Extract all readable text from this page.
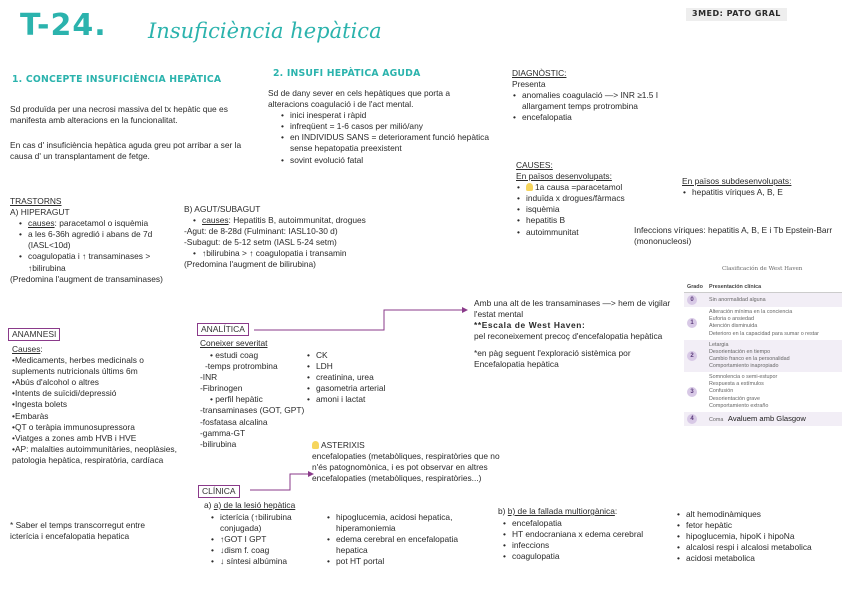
T-24. Insuficiència hepàtica
3MED: PATO GRAL
1. CONCEPTE INSUFICIÈNCIA HEPÀTICA
Sd produïda per una necrosi massiva del tx hepàtic que es manifesta amb alteracions en la funcionalitat.
En cas d' insuficiència hepàtica aguda greu pot arribar a ser la causa d' un transplantament de fetge.
TRASTORNS
A) HIPERAGUT
• causes: paracetamol o isquèmia
• a les 6-36h agredió i abans de 7d (IASL<10d)
• coagulopatia i ↑ transaminases > ↑bilirubina
(Predomina l'augment de transaminases)
ANAMNESI
Causes:
•Medicaments, herbes medicinals o suplements nutricionals últims 6m
•Abús d'alcohol o altres
•Intents de suïcidi/depressió
•Ingesta bolets
•Embaràs
•QT o teràpia immunosupressora
•Viatges a zones amb HVB i HVE
•AP: malalties autoimmunitàries, neoplàsies, patologia hepàtica, respiratòria, cardíaca
* Saber el temps transcorregut entre icterícia i encefalopatia hepatica
2. INSUFI HEPÀTICA AGUDA
Sd de dany sever en cels hepàtiques que porta a alteracions coagulació i de l'act mental.
• inici inesperat i ràpid
• infreqüent = 1-6 casos per milió/any
• en INDIVIDUS SANS = deteriorament funció hepàtica sense hepatopatia preexistent
• sovint evolució fatal
B) AGUT/SUBAGUT
• causes: Hepatitis B, autoimmunitat, drogues
-Agut: de 8-28d (Fulminant: IASL10-30 d)
-Subagut: de 5-12 setm (IASL 5-24 setm)
• ↑bilirubina > ↑ coagulopatia i transamin
(Predomina l'augment de bilirubina)
ANALÍTICA
Coneixer severitat
• estudi coag
-temps protrombina
-INR
-Fibrinogen
• perfil hepàtic
-transaminases (GOT, GPT)
-fosfatasa alcalina
-gamma-GT
-bilirubina
• CK
• LDH
• creatinina, urea
• gasometria arterial
• amoni i lactat
ASTERIXIS
encefalopaties (metabòliques, respiratòries que no n'és patognomònica, i es pot observar en altres encefalopaties (metabòliques, respiratòries...)
CLÍNICA
a) a) de la lesió hepàtica
• icterícia (↑bilirubina conjugada)
• ↑GOT I GPT
• ↓dism f. coag
• ↓ síntesi albúmina
• hipoglucemia, acidosi hepatica, hiperamoniemia
• edema cerebral en encefalopatia hepatica
• pot HT portal
b) b) de la fallada multiorgànica:
• encefalopatia
• HT endocraniana x edema cerebral
• infeccions
• coagulopatia
• alt hemodinàmiques
• fetor hepàtic
• hipoglucemia, hipoK i hipoNa
• alcalosi respi i alcalosi metabolica
• acidosi metabolica
DIAGNÒSTIC:
Presenta
• anomalies coagulació —> INR ≥1.5 I allargament temps protrombina
• encefalopatia
CAUSES:
En països desenvolupats:
• 1a causa =paracetamol
• induïda x drogues/fàrmacs
• isquèmia
• hepatitis B
• autoimmunitat
En països subdesenvolupats:
• hepatitis víriques A, B, E
Infeccions víriques: hepatitis A, B, E i Tb Epstein-Barr (mononucleosi)
Clasificación de West Haven
Grado	Presentación clínica
0	Sin anormalidad alguna

1	Alteración mínima en la conciencia
Euforia o ansiedad
Atención disminuida
Deterioro en la capacidad para sumar o restar

2	Letargia
Desorientación en tiempo
Cambio franco en la personalidad
Comportamiento inapropiado

3	Somnolencia o semi-estupor
Respuesta a estímulos
Confusión
Desorientación grave
Comportamiento extraño

4	Coma Avaluem amb Glasgow
Amb una alt de les transaminases —> hem de vigilar l'estat mental
**Escala de West Haven:
pel reconeixement precoç d'encefalopatia hepàtica
*en pàg seguent l'exploració sistèmica por Encefalopatia hepàtica
